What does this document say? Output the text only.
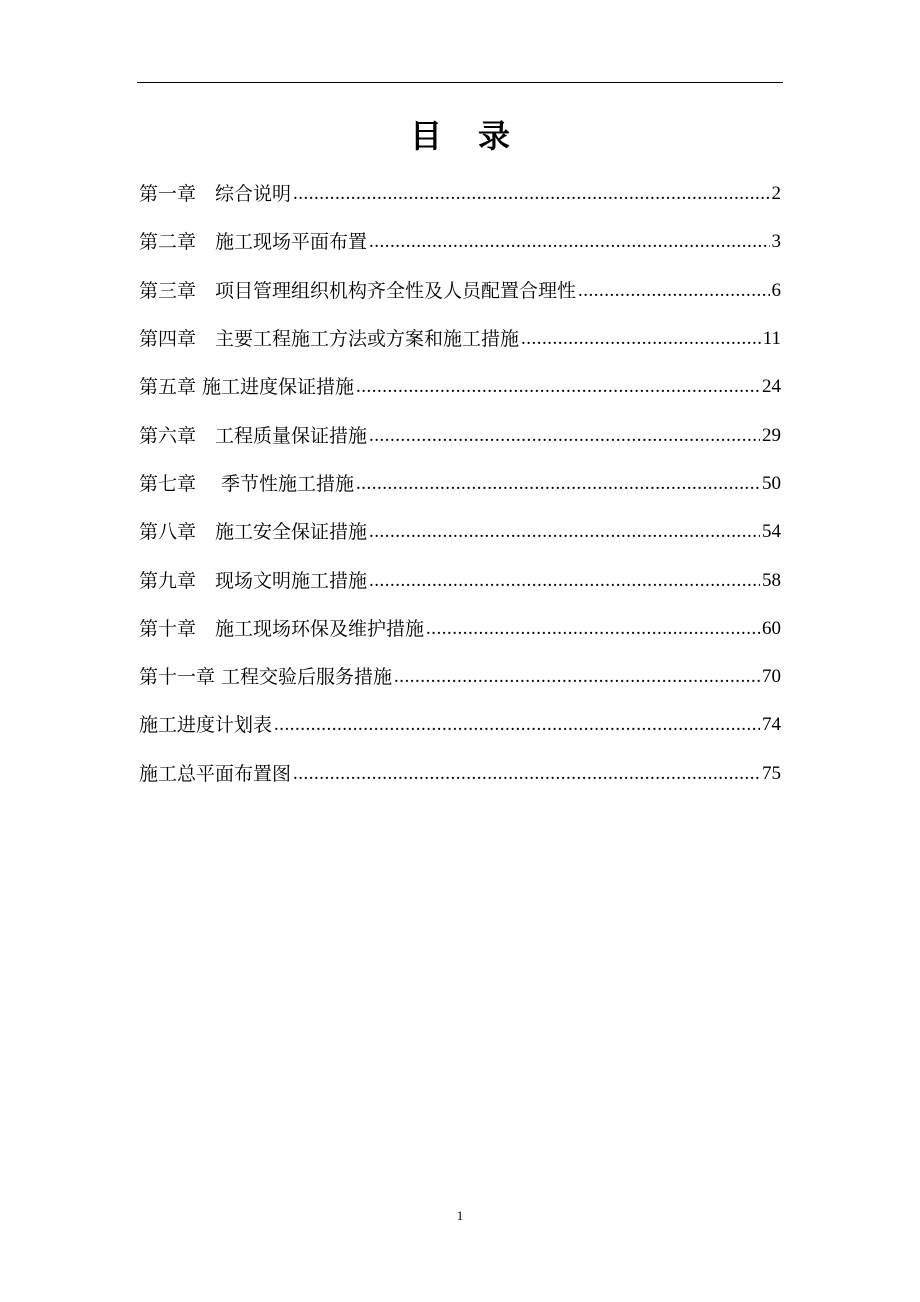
目录
第一章　综合说明 .....	2
第二章　施工现场平面布置 .....	3
第三章　项目管理组织机构齐全性及人员配置合理性 .....	6
第四章　主要工程施工方法或方案和施工措施 .....	11
第五章 施工进度保证措施 .....	24
第六章　工程质量保证措施 .....	29
第七章　 季节性施工措施 .....	50
第八章　施工安全保证措施 .....	54
第九章　现场文明施工措施 .....	58
第十章　施工现场环保及维护措施 .....	60
第十一章 工程交验后服务措施 .....	70
施工进度计划表 .....	74
施工总平面布置图 .....	75
1
